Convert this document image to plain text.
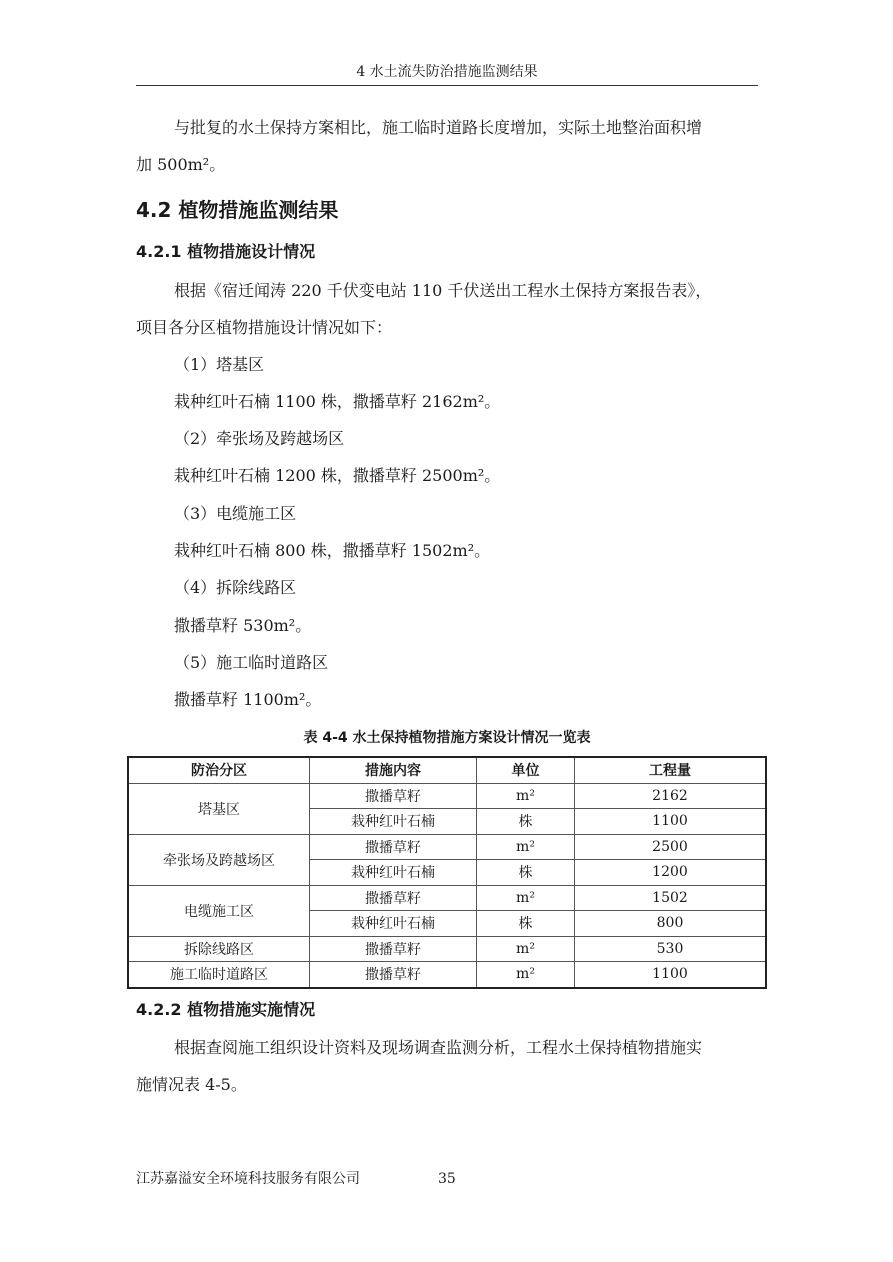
4 水土流失防治措施监测结果
与批复的水土保持方案相比，施工临时道路长度增加，实际土地整治面积增
加 500m²。
4.2 植物措施监测结果
4.2.1 植物措施设计情况
根据《宿迁闻涛 220 千伏变电站 110 千伏送出工程水土保持方案报告表》，
项目各分区植物措施设计情况如下：
（1）塔基区
栽种红叶石楠 1100 株，撒播草籽 2162m²。
（2）牵张场及跨越场区
栽种红叶石楠 1200 株，撒播草籽 2500m²。
（3）电缆施工区
栽种红叶石楠 800 株，撒播草籽 1502m²。
（4）拆除线路区
撒播草籽 530m²。
（5）施工临时道路区
撒播草籽 1100m²。
表 4-4 水土保持植物措施方案设计情况一览表
防治分区	措施内容	单位	工程量
塔基区	撒播草籽	m²	2162
	栽种红叶石楠	株	1100
牵张场及跨越场区	撒播草籽	m²	2500
	栽种红叶石楠	株	1200
电缆施工区	撒播草籽	m²	1502
	栽种红叶石楠	株	800
拆除线路区	撒播草籽	m²	530
施工临时道路区	撒播草籽	m²	1100
4.2.2 植物措施实施情况
根据查阅施工组织设计资料及现场调查监测分析，工程水土保持植物措施实
施情况表 4-5。
江苏嘉溢安全环境科技服务有限公司	35
